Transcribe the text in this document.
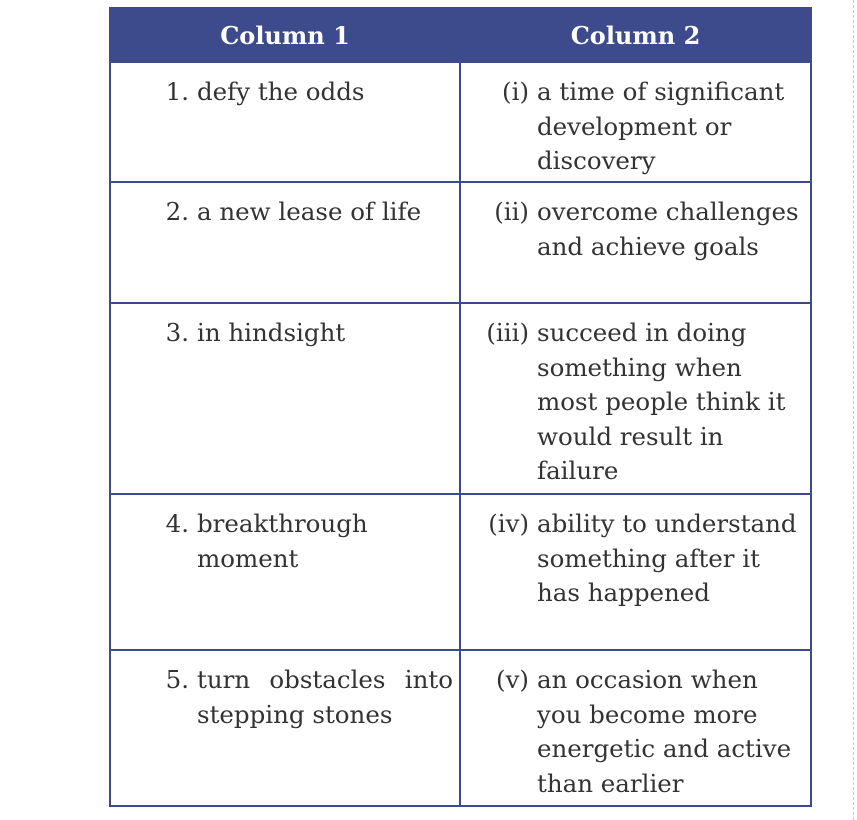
Column 1	Column 2

1. defy the odds	(i) a time of significant development or discovery

2. a new lease of life	(ii) overcome challenges and achieve goals

3. in hindsight	(iii) succeed in doing something when most people think it would result in failure

4. breakthrough moment	(iv) ability to understand something after it has happened

5. turn obstacles into
stepping stones	(v) an occasion when you become more energetic and active than earlier
